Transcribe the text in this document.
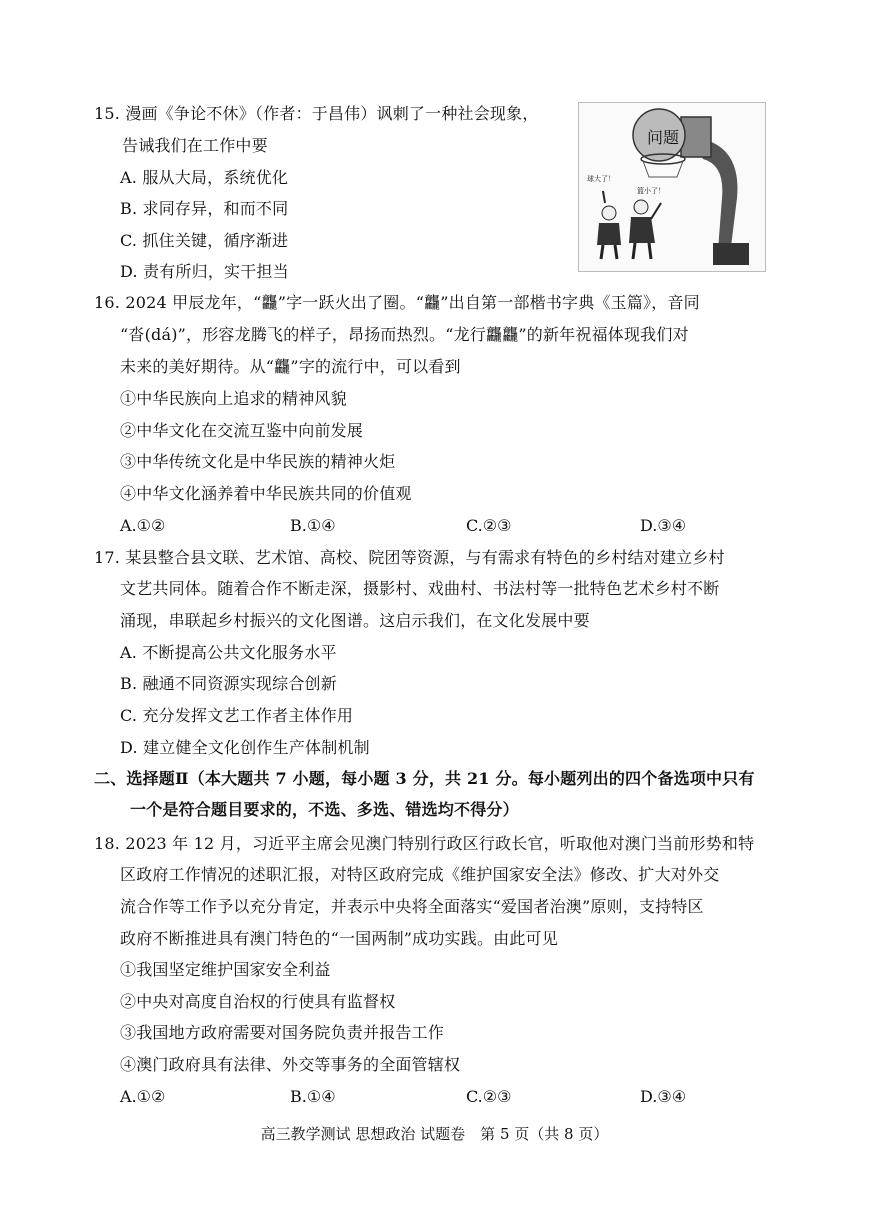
15. 漫画《争论不休》（作者：于昌伟）讽刺了一种社会现象，
告诫我们在工作中要
A. 服从大局，系统优化
B. 求同存异，和而不同
C. 抓住关键，循序渐进
D. 责有所归，实干担当
问题
球大了！
篮小了！
16. 2024 甲辰龙年，“龘”字一跃火出了圈。“龘”出自第一部楷书字典《玉篇》，音同
“沓(dá)”，形容龙腾飞的样子，昂扬而热烈。“龙行龘龘”的新年祝福体现我们对
未来的美好期待。从“龘”字的流行中，可以看到
①中华民族向上追求的精神风貌
②中华文化在交流互鉴中向前发展
③中华传统文化是中华民族的精神火炬
④中华文化涵养着中华民族共同的价值观
A.①②	B.①④	C.②③	D.③④
17. 某县整合县文联、艺术馆、高校、院团等资源，与有需求有特色的乡村结对建立乡村
文艺共同体。随着合作不断走深，摄影村、戏曲村、书法村等一批特色艺术乡村不断
涌现，串联起乡村振兴的文化图谱。这启示我们，在文化发展中要
A. 不断提高公共文化服务水平
B. 融通不同资源实现综合创新
C. 充分发挥文艺工作者主体作用
D. 建立健全文化创作生产体制机制
二、选择题Ⅱ（本大题共 7 小题，每小题 3 分，共 21 分。每小题列出的四个备选项中只有
一个是符合题目要求的，不选、多选、错选均不得分）
18. 2023 年 12 月，习近平主席会见澳门特别行政区行政长官，听取他对澳门当前形势和特
区政府工作情况的述职汇报，对特区政府完成《维护国家安全法》修改、扩大对外交
流合作等工作予以充分肯定，并表示中央将全面落实“爱国者治澳”原则，支持特区
政府不断推进具有澳门特色的“一国两制”成功实践。由此可见
①我国坚定维护国家安全利益
②中央对高度自治权的行使具有监督权
③我国地方政府需要对国务院负责并报告工作
④澳门政府具有法律、外交等事务的全面管辖权
A.①②	B.①④	C.②③	D.③④
高三教学测试 思想政治 试题卷　第 5 页（共 8 页）
